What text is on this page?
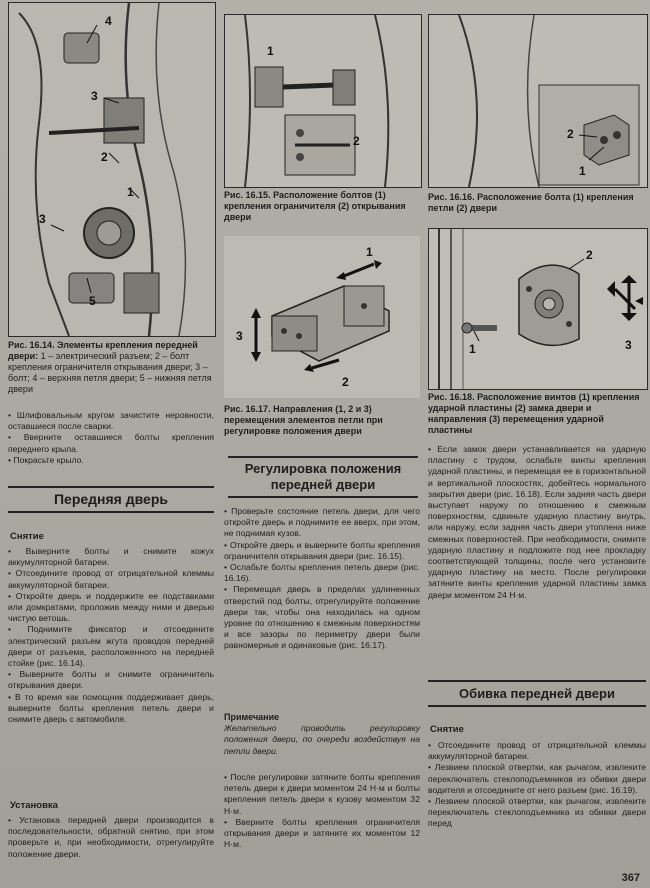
4
3
2
1
3
5
Рис. 16.14. Элементы крепления передней двери: 1 – электрический разъем; 2 – болт крепления ограничителя открывания двери; 3 – болт; 4 – верхняя петля двери; 5 – нижняя петля двери

• Шлифовальным кругом зачистите неровности, оставшиеся после сварки.

• Вверните оставшиеся болты крепления переднего крыла.

• Покрасьте крыло.

Передняя дверь
Снятие

• Выверните болты и снимите кожух аккумуляторной батареи.

• Отсоедините провод от отрицательной клеммы аккумуляторной батареи.

• Откройте дверь и поддержите ее подставками или домкратами, проложив между ними и дверью чистую ветошь.

• Поднимите фиксатор и отсоедините электрический разъем жгута проводов передней двери от разъема, расположенного на передней стойке (рис. 16.14).

• Выверните болты и снимите ограничитель открывания двери.

• В то время как помощник поддерживает дверь, выверните болты крепления петель двери и снимите дверь с автомобиля.

Установка
• Установка передней двери производится в последовательности, обратной снятию, при этом проверьте и, при необходимости, отрегулируйте положение двери.
1
2
Рис. 16.15. Расположение болтов (1) крепления ограничителя (2) открывания двери
1
3
2
Рис. 16.17. Направления (1, 2 и 3) перемещения элементов петли при регулировке положения двери
Регулировка положения
передней двери

• Проверьте состояние петель двери, для чего откройте дверь и поднимите ее вверх, при этом, не поднимая кузов.

• Откройте дверь и выверните болты крепления ограничителя открывания двери (рис. 16.15).

• Ослабьте болты крепления петель двери (рис. 16.16).

• Перемещая дверь в пределах удлиненных отверстий под болты, отрегулируйте положение двери так, чтобы она находилась на одном уровне по отношению к смежным поверхностям и все зазоры по периметру двери были равномерные и одинаковые (рис. 16.17).

Примечание

Желательно проводить регулировку положения двери, по очереди воздействуя на петли двери.

• После регулировки затяните болты крепления петель двери к двери моментом 24 Н·м и болты крепления петель двери к кузову моментом 32 Н·м.

• Вверните болты крепления ограничителя открывания двери и затяните их моментом 12 Н·м.

2
1
Рис. 16.16. Расположение болта (1) крепления петли (2) двери
2
1	3
Рис. 16.18. Расположение винтов (1) крепления ударной пластины (2) замка двери и направления (3) перемещения ударной пластины
• Если замок двери устанавливается на ударную пластину с трудом, ослабьте винты крепления ударной пластины, и перемещая ее в горизонтальной и вертикальной плоскостях, добейтесь нормального закрытия двери (рис. 16.18). Если задняя часть двери выступает наружу по отношению к смежным поверхностям, сдвиньте ударную пластину внутрь, или наружу, если задняя часть двери утоплена ниже смежных поверхностей. При необходимости, снимите ударную пластину и подложите под нее прокладку соответствующей толщины, после чего установите ударную пластину на место. После регулировки затяните винты крепления ударной пластины замка двери моментом 24 Н·м.
Обивка передней двери
Снятие

• Отсоедините провод от отрицательной клеммы аккумуляторной батареи.

• Лезвием плоской отвертки, как рычагом, извлеките переключатель стеклоподъемников из обивки двери водителя и отсоедините от него разъем (рис. 16.19).

• Лезвием плоской отвертки, как рычагом, извлеките переключатель стеклоподъемника из обивки двери перед

367
